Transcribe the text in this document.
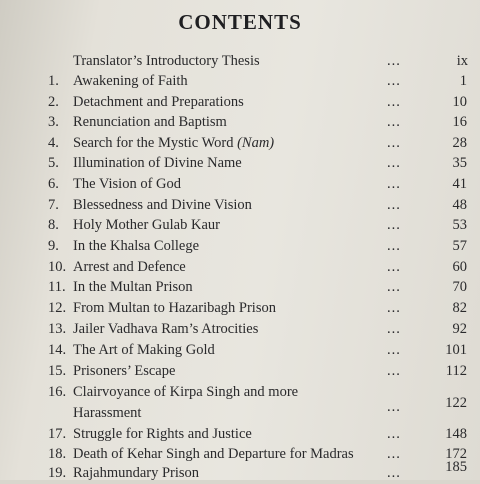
CONTENTS
Translator’s Introductory Thesis	...	ix
1. Awakening of Faith	...	1
2. Detachment and Preparations	...	10
3. Renunciation and Baptism	...	16
4. Search for the Mystic Word (Nam)	...	28
5. Illumination of Divine Name	...	35
6. The Vision of God	...	41
7. Blessedness and Divine Vision	...	48
8. Holy Mother Gulab Kaur	...	53
9. In the Khalsa College	...	57
10. Arrest and Defence	...	60
11. In the Multan Prison	...	70
12. From Multan to Hazaribagh Prison	...	82
13. Jailer Vadhava Ram’s Atrocities	...	92
14. The Art of Making Gold	...	101
15. Prisoners’ Escape	...	112
16. Clairvoyance of Kirpa Singh and more
Harassment	...	122
17. Struggle for Rights and Justice	...	148
18. Death of Kehar Singh and Departure for Madras ...	172
19. Rajahmundary Prison	...	185
